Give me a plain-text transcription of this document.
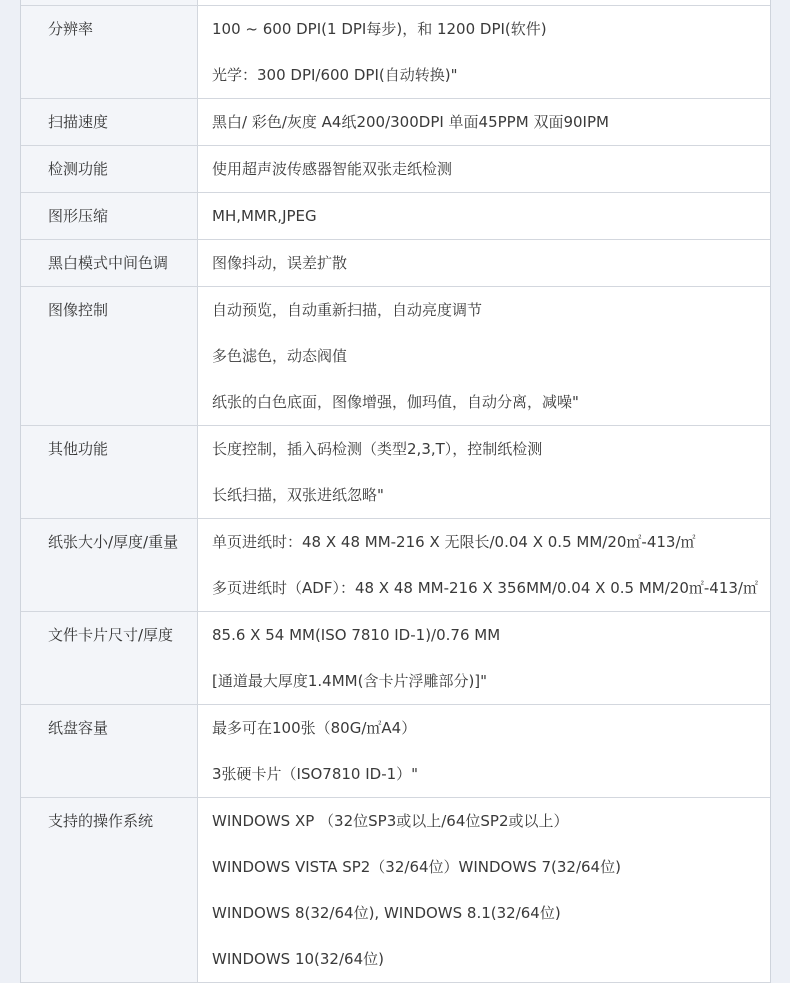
分辨率	100 ~ 600 DPI(1 DPI每步)，和 1200 DPI(软件)
光学：300 DPI/600 DPI(自动转换)"
扫描速度	黑白/ 彩色/灰度 A4纸200/300DPI 单面45PPM 双面90IPM
检测功能	使用超声波传感器智能双张走纸检测
图形压缩	MH,MMR,JPEG
黑白模式中间色调	图像抖动，误差扩散
图像控制	自动预览，自动重新扫描，自动亮度调节
多色滤色，动态阀值
纸张的白色底面，图像增强，伽玛值，自动分离，减噪"
其他功能	长度控制，插入码检测（类型2,3,T），控制纸检测
长纸扫描，双张进纸忽略"
纸张大小/厚度/重量	单页进纸时：48 X 48 MM-216 X 无限长/0.04 X 0.5 MM/20㎡-413/㎡
多页进纸时（ADF）：48 X 48 MM-216 X 356MM/0.04 X 0.5 MM/20㎡-413/㎡
文件卡片尺寸/厚度	85.6 X 54 MM(ISO 7810 ID-1)/0.76 MM
[通道最大厚度1.4MM(含卡片浮雕部分)]"
纸盘容量	最多可在100张（80G/㎡A4）
3张硬卡片（ISO7810 ID-1）"
支持的操作系统	WINDOWS XP （32位SP3或以上/64位SP2或以上）
WINDOWS VISTA SP2（32/64位）WINDOWS 7(32/64位)
WINDOWS 8(32/64位), WINDOWS 8.1(32/64位)
WINDOWS 10(32/64位)
